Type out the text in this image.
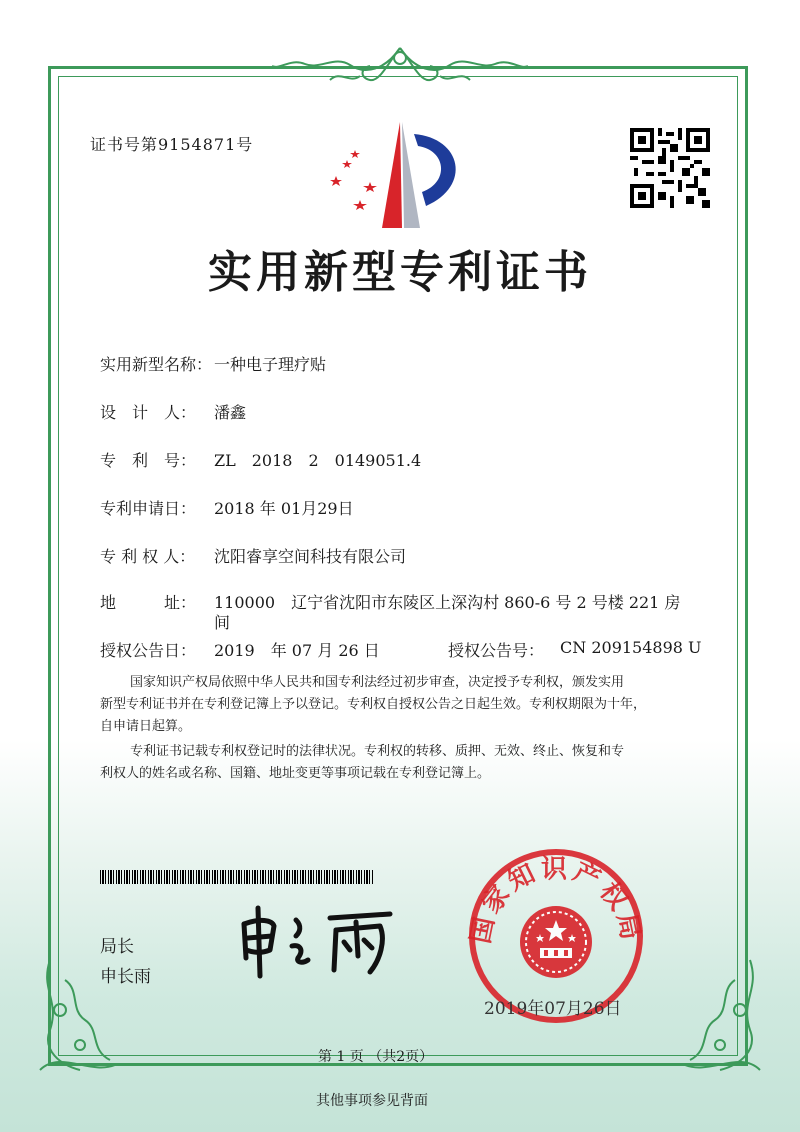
证书号第9154871号
实用新型专利证书
实用新型名称： 一种电子理疗贴
设　计　人： 潘鑫
专　利　号： ZL　2018　2　0149051.4
专利申请日： 2018 年 01月29日
专 利 权 人： 沈阳睿享空间科技有限公司
地　　　址： 110000　辽宁省沈阳市东陵区上深沟村 860-6 号 2 号楼 221 房
间
授权公告日： 2019　年 07 月 26 日	授权公告号： CN 209154898 U
国家知识产权局依照中华人民共和国专利法经过初步审查，决定授予专利权，颁发实用
新型专利证书并在专利登记簿上予以登记。专利权自授权公告之日起生效。专利权期限为十年，
自申请日起算。
专利证书记载专利权登记时的法律状况。专利权的转移、质押、无效、终止、恢复和专
利权人的姓名或名称、国籍、地址变更等事项记载在专利登记簿上。
局长
申长雨
国家知识产权局
2019年07月26日
第 1 页 （共2页）
其他事项参见背面
